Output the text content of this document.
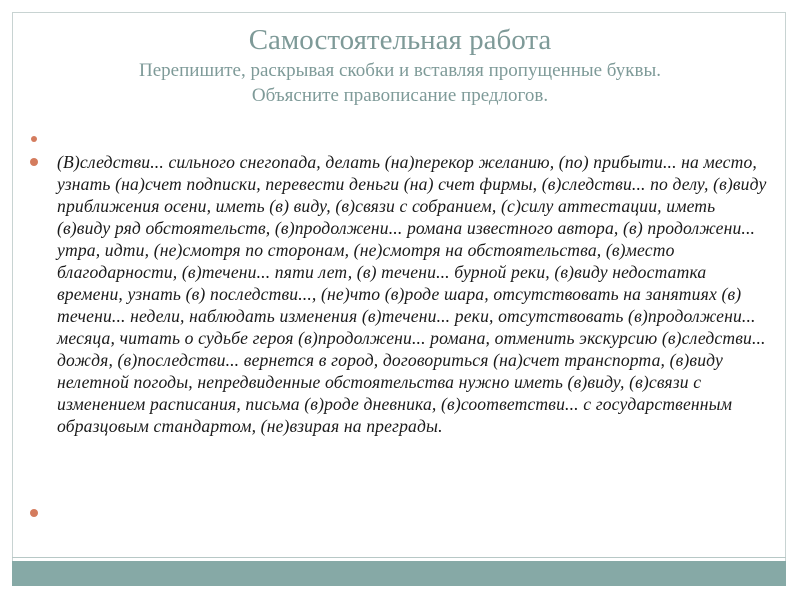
Самостоятельная работа

Перепишите, раскрывая скобки и вставляя пропущенные буквы.

Объясните правописание предлогов.

(В)следстви... сильного снегопада, делать (на)перекор желанию, (по) прибыти... на место, узнать (на)счет подписки, перевести деньги (на) счет фирмы, (в)следстви... по делу, (в)виду приближения осени, иметь (в) виду, (в)связи с собранием, (с)силу аттестации, иметь (в)виду ряд обстоятельств, (в)продолжени... романа известного автора, (в) продолжени... утра, идти, (не)смотря по сторонам, (не)смотря на обстоятельства, (в)место благодарности, (в)течени... пяти лет, (в) течени... бурной реки, (в)виду недостатка времени, узнать (в) последстви..., (не)что (в)роде шара, отсутствовать на занятиях (в) течени... недели, наблюдать изменения (в)течени... реки, отсутствовать (в)продолжени... месяца, читать о судьбе героя (в)продолжени... романа, отменить экскурсию (в)следстви... дождя, (в)последстви... вернется в город, договориться (на)счет транспорта, (в)виду нелетной погоды, непредвиденные обстоятельства нужно иметь (в)виду, (в)связи с изменением расписания, письма (в)роде дневника, (в)соответстви... с государственным образцовым стандартом, (не)взирая на преграды.
